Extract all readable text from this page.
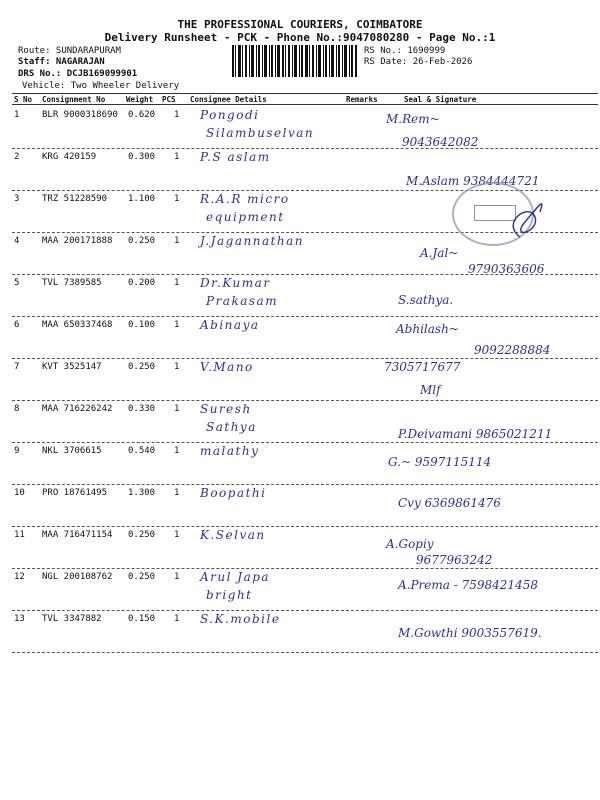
THE PROFESSIONAL COURIERS, COIMBATORE
Delivery Runsheet - PCK - Phone No.:9047080280 - Page No.:1
Route: SUNDARAPURAM
Staff: NAGARAJAN
DRS No.: DCJB169099901
Vehicle: Two Wheeler Delivery
RS No.: 1690999
RS Date: 26-Feb-2026
S No Consignment No	Weight PCS Consignee Details	Remarks	Seal & Signature
1	BLR 9000318690 0.620 1 Pongodi
Silambuselvan
M.Rem~
9043642082
2	KRG 420159	0.300 1 P.S aslam
M.Aslam 9384444721
3	TRZ 51228590 1.100 1 R.A.R micro
equipment
4	MAA 200171888 0.250 1 J.Jagannathan
A.Jal~
9790363606
5	TVL 7389585	0.200 1 Dr.Kumar
Prakasam	S.sathya.
6	MAA 650337468 0.100 1 Abinaya	Abhilash~
9092288884
7	KVT 3525147	0.250 1 V.Mano	7305717677
Mlf
8	MAA 716226242 0.330 1 Suresh
Sathya	P.Deivamani 9865021211
9	NKL 3706615	0.540 1 malathy
G.~ 9597115114
10 PRO 18761495 1.300 1 Boopathi
Cvy 6369861476
11 MAA 716471154 0.250 1 K.Selvan
A.Gopiy
9677963242
12 NGL 200108762 0.250 1 Arul Japa
bright
A.Prema - 7598421458
13 TVL 3347882	0.150 1 S.K.mobile
M.Gowthi 9003557619.
